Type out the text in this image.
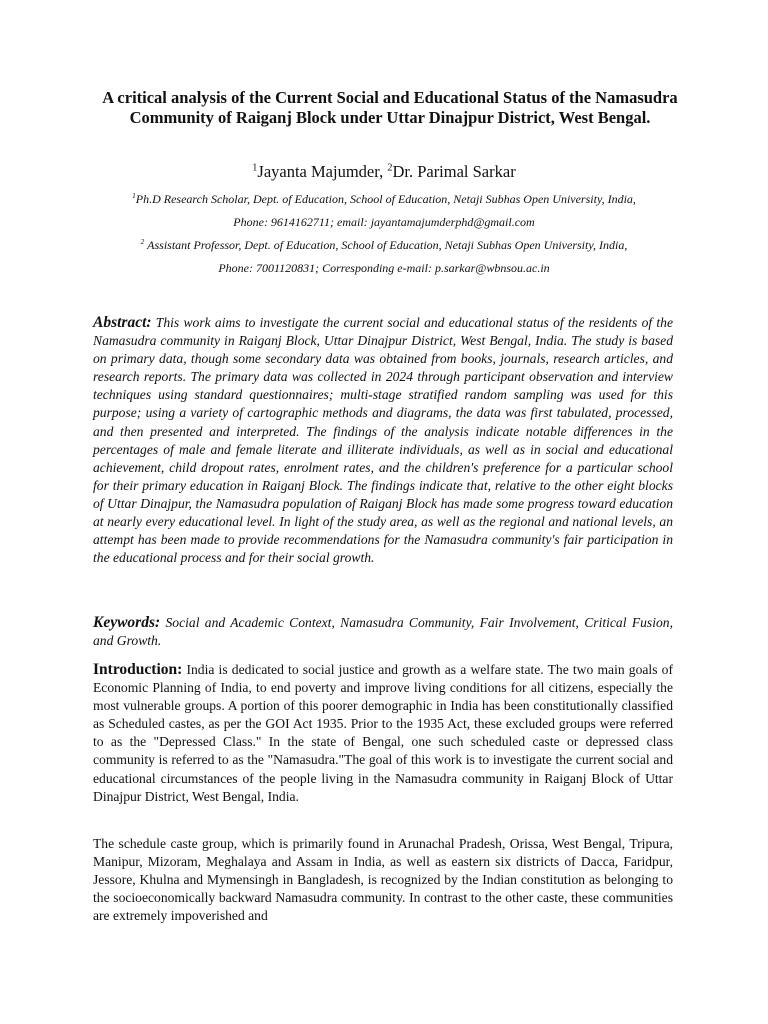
A critical analysis of the Current Social and Educational Status of the Namasudra Community of Raiganj Block under Uttar Dinajpur District, West Bengal.
$^1$Jayanta Majumder, $^2$Dr. Parimal Sarkar
$^1$Ph.D Research Scholar, Dept. of Education, School of Education, Netaji Subhas Open University, India,
Phone: 9614162711; email: jayantamajumderphd@gmail.com
$^2$ Assistant Professor, Dept. of Education, School of Education, Netaji Subhas Open University, India,
Phone: 7001120831; Corresponding e-mail: p.sarkar@wbnsou.ac.in

Abstract: This work aims to investigate the current social and educational status of the residents of the Namasudra community in Raiganj Block, Uttar Dinajpur District, West Bengal, India. The study is based on primary data, though some secondary data was obtained from books, journals, research articles, and research reports. The primary data was collected in 2024 through participant observation and interview techniques using standard questionnaires; multi-stage stratified random sampling was used for this purpose; using a variety of cartographic methods and diagrams, the data was first tabulated, processed, and then presented and interpreted. The findings of the analysis indicate notable differences in the percentages of male and female literate and illiterate individuals, as well as in social and educational achievement, child dropout rates, enrolment rates, and the children's preference for a particular school for their primary education in Raiganj Block. The findings indicate that, relative to the other eight blocks of Uttar Dinajpur, the Namasudra population of Raiganj Block has made some progress toward education at nearly every educational level. In light of the study area, as well as the regional and national levels, an attempt has been made to provide recommendations for the Namasudra community's fair participation in the educational process and for their social growth.

Keywords: Social and Academic Context, Namasudra Community, Fair Involvement, Critical Fusion, and Growth.

Introduction: India is dedicated to social justice and growth as a welfare state. The two main goals of Economic Planning of India, to end poverty and improve living conditions for all citizens, especially the most vulnerable groups. A portion of this poorer demographic in India has been constitutionally classified as Scheduled castes, as per the GOI Act 1935. Prior to the 1935 Act, these excluded groups were referred to as the "Depressed Class." In the state of Bengal, one such scheduled caste or depressed class community is referred to as the "Namasudra."The goal of this work is to investigate the current social and educational circumstances of the people living in the Namasudra community in Raiganj Block of Uttar Dinajpur District, West Bengal, India.

The schedule caste group, which is primarily found in Arunachal Pradesh, Orissa, West Bengal, Tripura, Manipur, Mizoram, Meghalaya and Assam in India, as well as eastern six districts of Dacca, Faridpur, Jessore, Khulna and Mymensingh in Bangladesh, is recognized by the Indian constitution as belonging to the socioeconomically backward Namasudra community. In contrast to the other caste, these communities are extremely impoverished and
